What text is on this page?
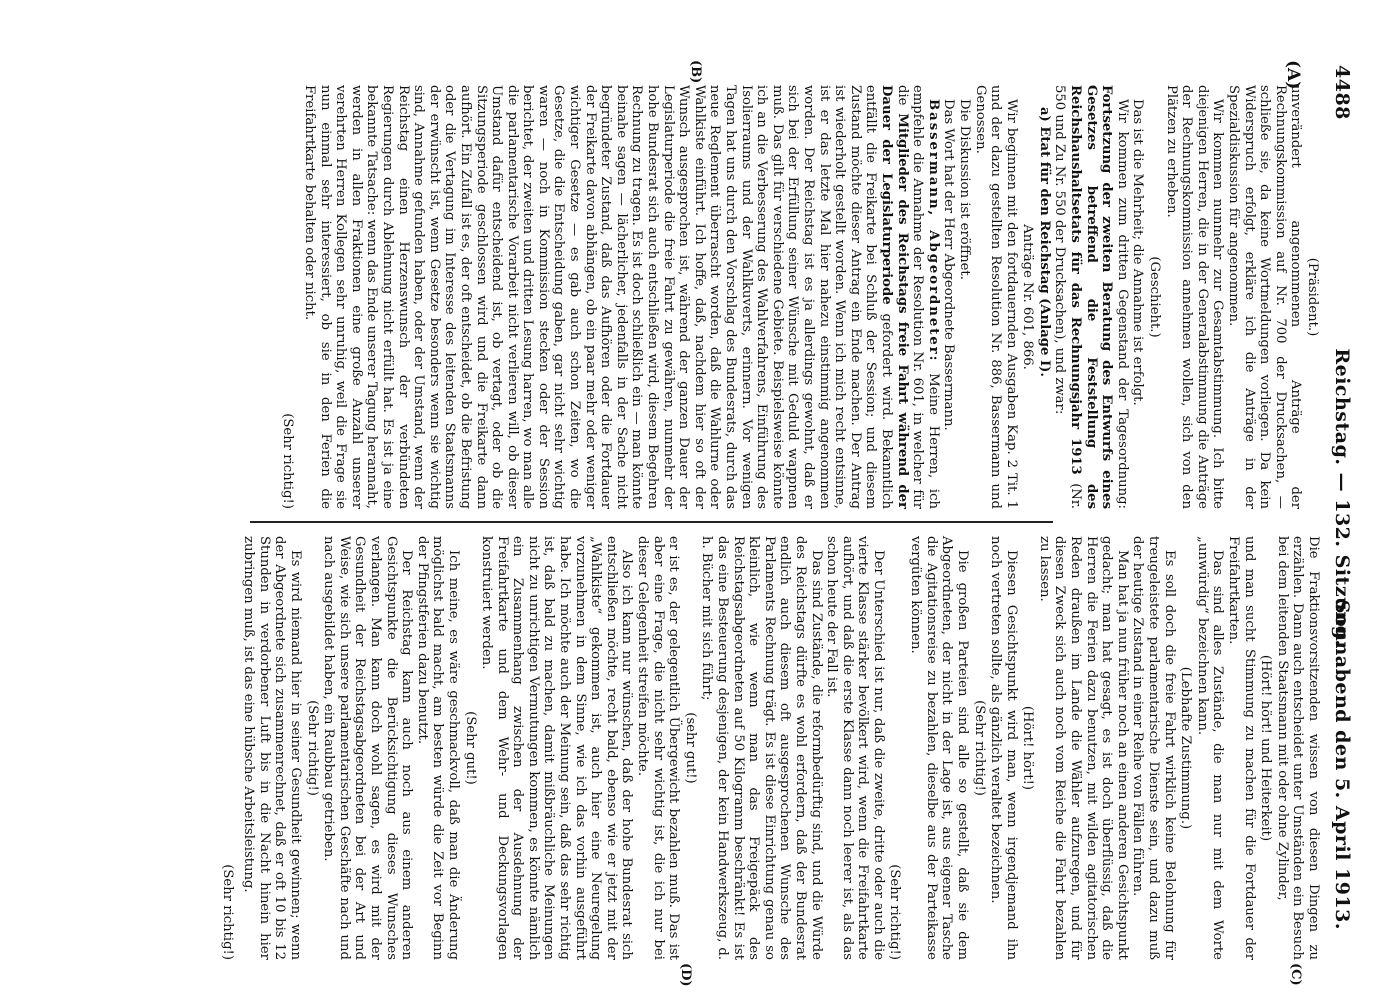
4488
Reichstag. — 132. Sitzung.
Sonnabend den 5. April 1913.
(A)
(B)
(C)
(D)

(Präsident.)

unverändert angenommenen Anträge der Rechnungskommission auf Nr. 700 der Drucksachen, — schließe sie, da keine Wortmeldungen vorliegen. Da kein Widerspruch erfolgt, erkläre ich die Anträge in der Spezialdiskussion für angenommen.

Wir kommen nunmehr zur Gesamtabstimmung. Ich bitte diejenigen Herren, die in der Generalabstimmung die Anträge der Rechnungskommission annehmen wollen, sich von den Plätzen zu erheben.

(Geschieht.)

Das ist die Mehrheit; die Annahme ist erfolgt.

Wir kommen zum dritten Gegenstand der Tagesordnung: Fortsetzung der zweiten Beratung des Entwurfs eines Gesetzes betreffend die Feststellung des Reichshaushaltsetats für das Rechnungsjahr 1913 (Nr. 550 und Zu Nr. 550 der Drucksachen), und zwar:

a) Etat für den Reichstag (Anlage I).

Anträge Nr. 601, 866.

Wir beginnen mit den fortdauernden Ausgaben Kap. 2 Tit. 1 und der dazu gestellten Resolution Nr. 886, Bassermann und Genossen.

Die Diskussion ist eröffnet.

Das Wort hat der Herr Abgeordnete Bassermann.

Bassermann, Abgeordneter: Meine Herren, ich empfehle die Annahme der Resolution Nr. 601, in welcher für die Mitglieder des Reichstags freie Fahrt während der Dauer der Legislaturperiode gefordert wird. Bekanntlich entfällt die Freikarte bei Schluß der Session; und diesem Zustand möchte dieser Antrag ein Ende machen. Der Antrag ist wiederholt gestellt worden. Wenn ich mich recht entsinne, ist er das letzte Mal hier nahezu einstimmig angenommen worden. Der Reichstag ist es ja allerdings gewohnt, daß er sich bei der Erfüllung seiner Wünsche mit Geduld wappnen muß. Das gilt für verschiedene Gebiete. Beispielsweise könnte ich an die Verbesserung des Wahlverfahrens, Einführung des Isolierraums und der Wahlkuverts, erinnern. Vor wenigen Tagen hat uns durch den Vorschlag des Bundesrats, durch das neue Reglement überrascht worden, daß die Wahlurne oder Wahlkiste einführt. Ich hoffe, daß, nachdem hier so oft der Wunsch ausgesprochen ist, während der ganzen Dauer der Legislaturperiode die freie Fahrt zu gewähren, nunmehr der hohe Bundesrat sich auch entschließen wird, diesem Begehren Rechnung zu tragen. Es ist doch schließlich ein — man könnte beinahe sagen — lächerlicher, jedenfalls in der Sache nicht begründeter Zustand, daß das Aufhören oder die Fortdauer der Freikarte davon abhängen, ob ein paar mehr oder weniger wichtiger Gesetze — es gab auch schon Zeiten, wo die Gesetze, die die Entscheidung gaben, gar nicht sehr wichtig waren — noch in Kommission stecken oder der Session berichtet, der zweiten und dritten Lesung harren, wo man alle die parlamentarische Vorarbeit nicht verlieren will, ob dieser Umstand dafür entscheidend ist, ob vertagt, oder ob die Sitzungsperiode geschlossen wird und die Freikarte dann aufhört. Ein Zufall ist es, der oft entscheidet, ob die Befristung oder die Vertagung im Interesse des leitenden Staatsmanns der erwünscht ist, wenn Gesetze besonders wenn sie wichtig sind, Annahme gefunden haben, oder der Umstand, wenn der Reichstag einen Herzenswunsch der verbündeten Regierungen durch Ablehnung nicht erfüllt hat. Es ist ja eine bekannte Tatsache: wenn das Ende unserer Tagung herannaht, werden in allen Fraktionen eine große Anzahl unserer verehrten Herren Kollegen sehr unruhig, weil die Frage sie nun einmal sehr interessiert, ob sie in den Ferien die Freifahrtkarte behalten oder nicht.

(Sehr richtig!)

Die Fraktionsvorsitzenden wissen von diesen Dingen zu erzählen. Dann auch entscheidet unter Umständen ein Besuch bei dem leitenden Staatsmann mit oder ohne Zylinder,

(Hört! hört! und Heiterkeit)

und man sucht Stimmung zu machen für die Fortdauer der Freifahrtkarten.

Das sind alles Zustände, die man nur mit dem Worte „unwürdig“ bezeichnen kann.

(Lebhafte Zustimmung.)

Es soll doch die freie Fahrt wirklich keine Belohnung für treugeleistete parlamentarische Dienste sein, und dazu muß der heutige Zustand in einer Reihe von Fällen führen.

Man hat ja nun früher noch an einen anderen Gesichtspunkt gedacht; man hat gesagt, es ist doch überflüssig, daß die Herren die Ferien dazu benutzen, mit wilden agitatorischen Reden draußen im Lande die Wähler aufzuregen, und für diesen Zweck sich auch noch vom Reiche die Fahrt bezahlen zu lassen.

(Hört! hört!)

Diesen Gesichtspunkt wird man, wenn irgendjemand ihn noch vertreten sollte, als gänzlich veraltet bezeichnen.

(Sehr richtig!)

Die großen Parteien sind alle so gestellt, daß sie dem Abgeordneten, der nicht in der Lage ist, aus eigener Tasche die Agitationsreise zu bezahlen, dieselbe aus der Parteikasse vergüten können.

(Sehr richtig!)

Der Unterschied ist nur, daß die zweite, dritte oder auch die vierte Klasse stärker bevölkert wird, wenn die Freifahrtkarte aufhört, und daß die erste Klasse dann noch leerer ist, als das schon heute der Fall ist.

Das sind Zustände, die reformbedürftig sind, und die Würde des Reichstags dürfte es wohl erfordern, daß der Bundesrat endlich auch diesem oft ausgesprochenen Wunsche des Parlaments Rechnung trägt. Es ist diese Einrichtung genau so kleinlich, wie wenn man das Freigepäck des Reichstagsabgeordneten auf 50 Kilogramm beschränkt! Es ist das eine Besteuerung desjenigen, der kein Handwerkszeug, d. h. Bücher mit sich führt;

(sehr gut!)

er ist es, der gelegentlich Übergewicht bezahlen muß. Das ist aber eine Frage, die nicht sehr wichtig ist, die ich nur bei dieser Gelegenheit streifen möchte.

Also ich kann nur wünschen, daß der hohe Bundesrat sich entschließen möchte, recht bald, ebenso wie er jetzt mit der „Wahlkiste“ gekommen ist, auch hier eine Neuregelung vorzunehmen in dem Sinne, wie ich das vorhin ausgeführt habe. Ich möchte auch der Meinung sein, daß das sehr richtig ist, daß bald zu machen, damit mißbräuchliche Meinungen nicht zu unrichtigen Vermutungen kommen, es könnte nämlich ein Zusammenhang zwischen der Ausdehnung der Freifahrtkarte und dem Wehr- und Deckungsvorlagen konstruiert werden.

(Sehr gut!)

Ich meine, es wäre geschmackvoll, daß man die Änderung möglichst bald macht, am besten würde die Zeit vor Beginn der Pfingstferien dazu benutzt.

Der Reichstag kann auch noch aus einem anderen Gesichtspunkte die Berücksichtigung dieses Wunsches verlangen. Man kann doch wohl sagen, es wird mit der Gesundheit der Reichstagsabgeordneten bei der Art und Weise, wie sich unsere parlamentarischen Geschäfte nach und nach ausgebildet haben, ein Raubbau getrieben.

(Sehr richtig!)

Es wird niemand hier in seiner Gesundheit gewinnen; wenn der Abgeordnete sich zusammenrechnet, daß er oft 10 bis 12 Stunden in verdorbener Luft bis in die Nacht hinein hier zubringen muß, ist das eine hübsche Arbeitsleistung.

(Sehr richtig!)
